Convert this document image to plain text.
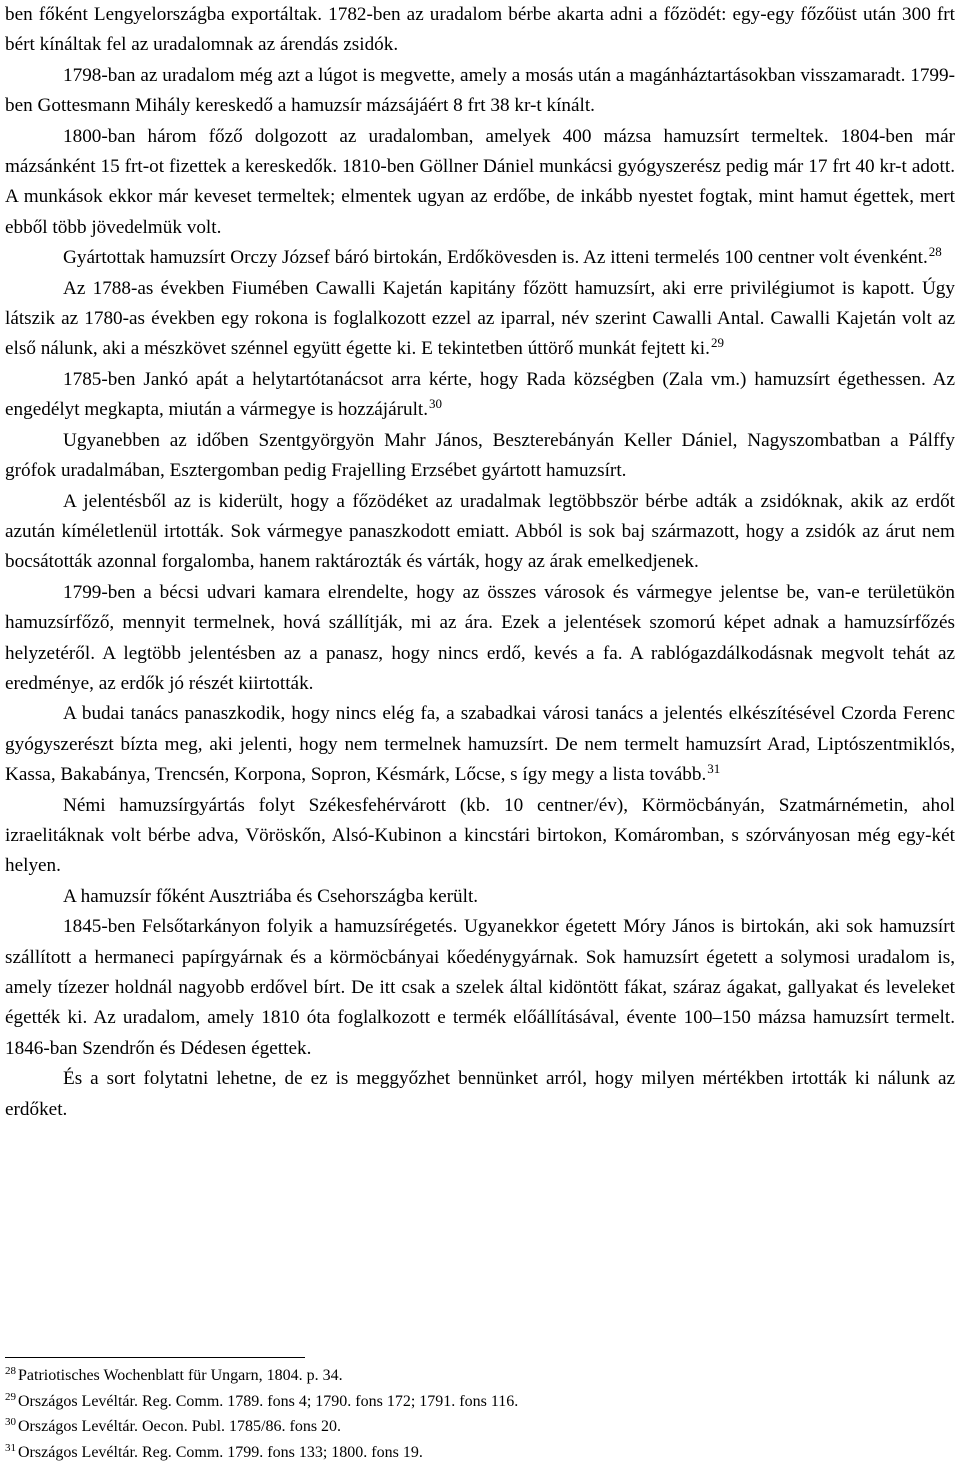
ben főként Lengyelországba exportáltak. 1782-ben az uradalom bérbe akarta adni a főzödét: egy-egy főzőüst után 300 frt bért kínáltak fel az uradalomnak az árendás zsidók.

1798-ban az uradalom még azt a lúgot is megvette, amely a mosás után a magánháztartásokban visszamaradt. 1799-ben Gottesmann Mihály kereskedő a hamuzsír mázsájáért 8 frt 38 kr-t kínált.

1800-ban három főző dolgozott az uradalomban, amelyek 400 mázsa hamuzsírt termeltek. 1804-ben már mázsánként 15 frt-ot fizettek a kereskedők. 1810-ben Göllner Dániel munkácsi gyógyszerész pedig már 17 frt 40 kr-t adott. A munkások ekkor már keveset termeltek; elmentek ugyan az erdőbe, de inkább nyestet fogtak, mint hamut égettek, mert ebből több jövedelmük volt.

Gyártottak hamuzsírt Orczy József báró birtokán, Erdőkövesden is. Az itteni termelés 100 centner volt évenként.$^{28}$

Az 1788-as években Fiumében Cawalli Kajetán kapitány főzött hamuzsírt, aki erre privilégiumot is kapott. Úgy látszik az 1780-as években egy rokona is foglalkozott ezzel az iparral, név szerint Cawalli Antal. Cawalli Kajetán volt az első nálunk, aki a mészkövet szénnel együtt égette ki. E tekintetben úttörő munkát fejtett ki.$^{29}$

1785-ben Jankó apát a helytartótanácsot arra kérte, hogy Rada községben (Zala vm.) hamuzsírt égethessen. Az engedélyt megkapta, miután a vármegye is hozzájárult.$^{30}$

Ugyanebben az időben Szentgyörgyön Mahr János, Beszterebányán Keller Dániel, Nagyszombatban a Pálffy grófok uradalmában, Esztergomban pedig Frajelling Erzsébet gyártott hamuzsírt.

A jelentésből az is kiderült, hogy a főzödéket az uradalmak legtöbbször bérbe adták a zsidóknak, akik az erdőt azután kíméletlenül irtották. Sok vármegye panaszkodott emiatt. Abból is sok baj származott, hogy a zsidók az árut nem bocsátották azonnal forgalomba, hanem raktározták és várták, hogy az árak emelkedjenek.

1799-ben a bécsi udvari kamara elrendelte, hogy az összes városok és vármegye jelentse be, van-e területükön hamuzsírfőző, mennyit termelnek, hová szállítják, mi az ára. Ezek a jelentések szomorú képet adnak a hamuzsírfőzés helyzetéről. A legtöbb jelentésben az a panasz, hogy nincs erdő, kevés a fa. A rablógazdálkodásnak megvolt tehát az eredménye, az erdők jó részét kiirtották.

A budai tanács panaszkodik, hogy nincs elég fa, a szabadkai városi tanács a jelentés elkészítésével Czorda Ferenc gyógyszerészt bízta meg, aki jelenti, hogy nem termelnek hamuzsírt. De nem termelt hamuzsírt Arad, Liptószentmiklós, Kassa, Bakabánya, Trencsén, Korpona, Sopron, Késmárk, Lőcse, s így megy a lista tovább.$^{31}$

Némi hamuzsírgyártás folyt Székesfehérvárott (kb. 10 centner/év), Körmöcbányán, Szatmárnémetin, ahol izraelitáknak volt bérbe adva, Vöröskőn, Alsó-Kubinon a kincstári birtokon, Komáromban, s szórványosan még egy-két helyen.

A hamuzsír főként Ausztriába és Csehországba került.

1845-ben Felsőtarkányon folyik a hamuzsírégetés. Ugyanekkor égetett Móry János is birtokán, aki sok hamuzsírt szállított a hermaneci papírgyárnak és a körmöcbányai kőedénygyárnak. Sok hamuzsírt égetett a solymosi uradalom is, amely tízezer holdnál nagyobb erdővel bírt. De itt csak a szelek által kidöntött fákat, száraz ágakat, gallyakat és leveleket égették ki. Az uradalom, amely 1810 óta foglalkozott e termék előállításával, évente 100–150 mázsa hamuzsírt termelt. 1846-ban Szendrőn és Dédesen égettek.

És a sort folytatni lehetne, de ez is meggyőzhet bennünket arról, hogy milyen mértékben irtották ki nálunk az erdőket.

$^{28}$ Patriotisches Wochenblatt für Ungarn, 1804. p. 34.

$^{29}$ Országos Levéltár. Reg. Comm. 1789. fons 4; 1790. fons 172; 1791. fons 116.

$^{30}$ Országos Levéltár. Oecon. Publ. 1785/86. fons 20.

$^{31}$ Országos Levéltár. Reg. Comm. 1799. fons 133; 1800. fons 19.
